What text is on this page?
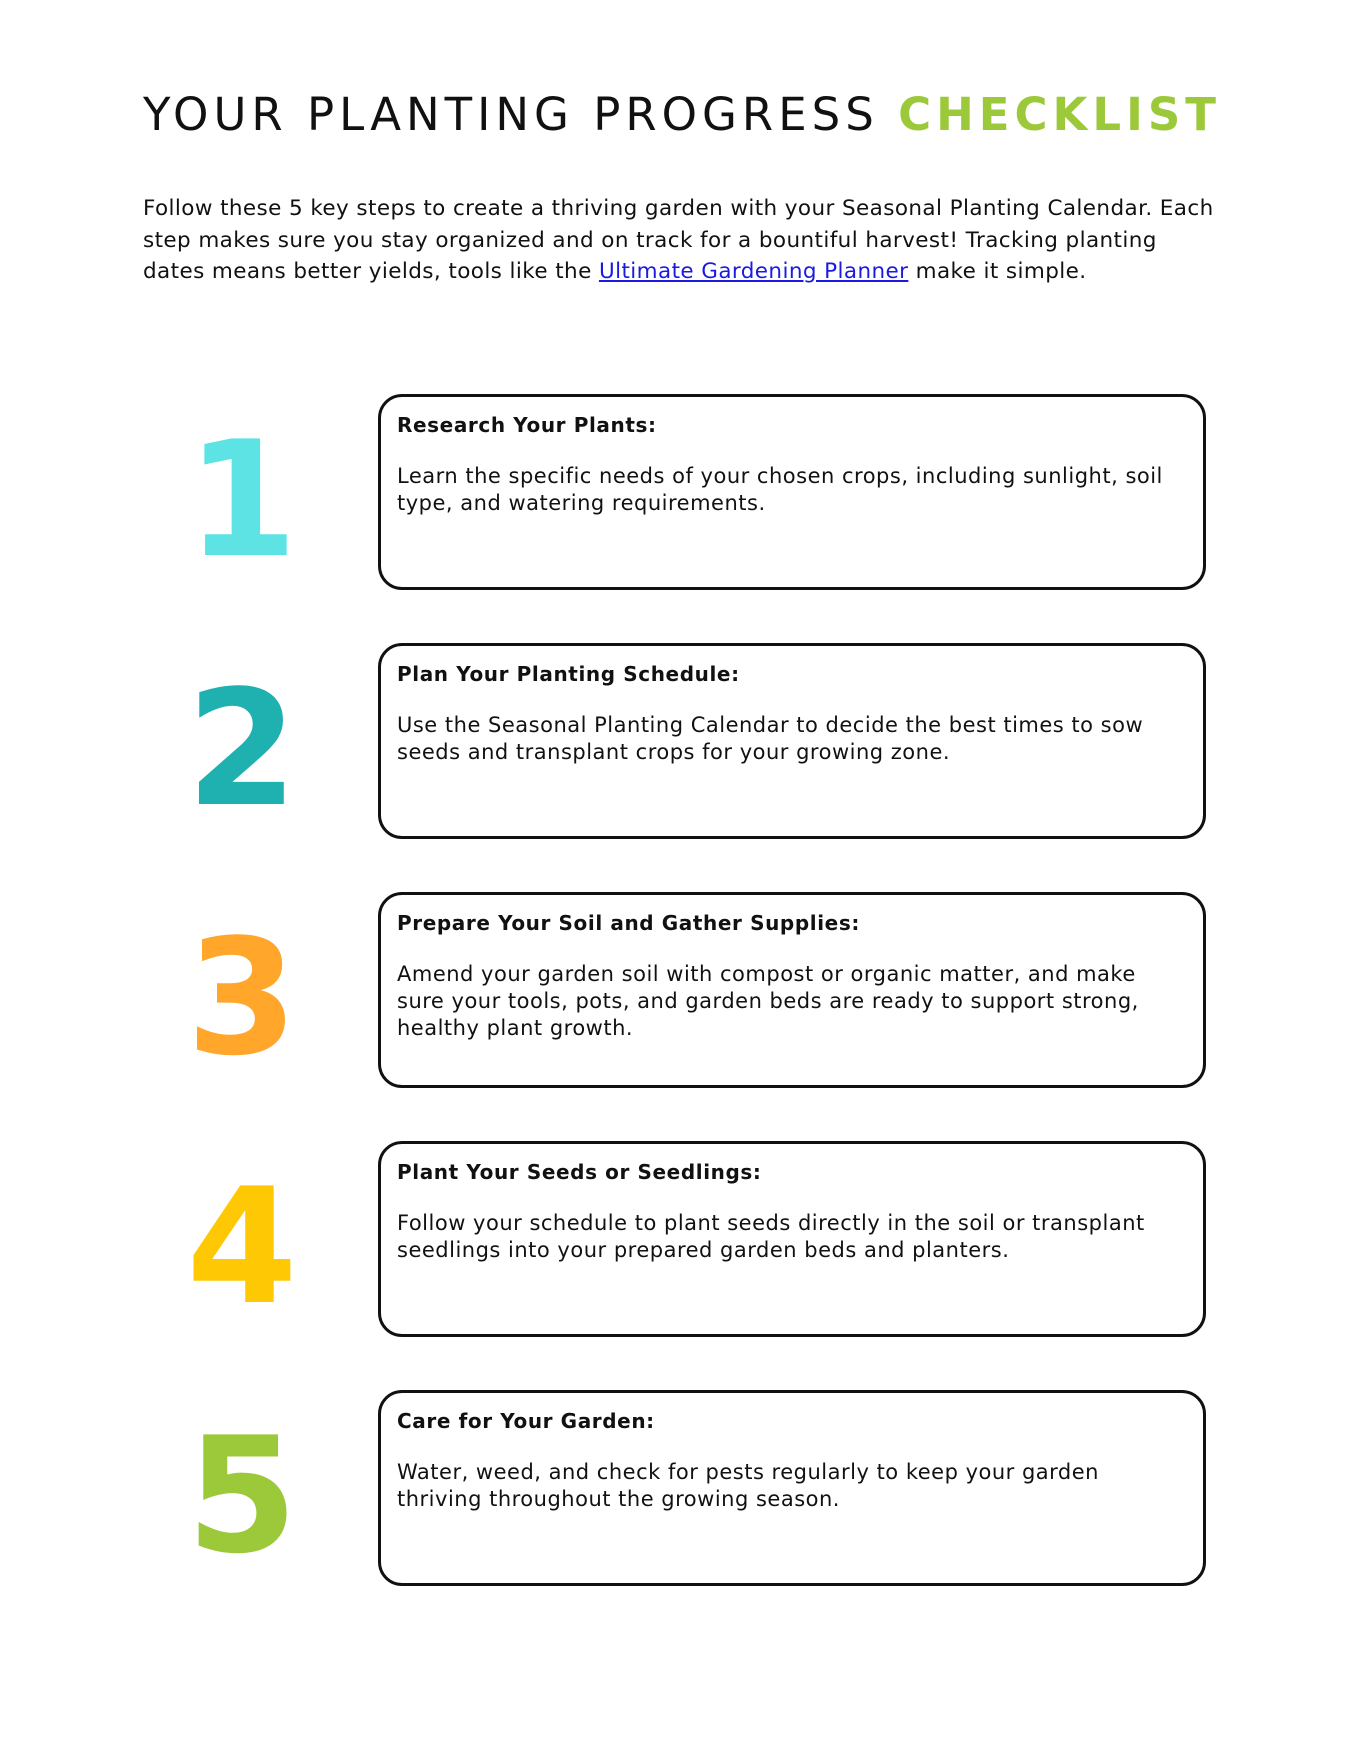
YOUR PLANTING PROGRESS CHECKLIST

Follow these 5 key steps to create a thriving garden with your Seasonal Planting Calendar. Each step makes sure you stay organized and on track for a bountiful harvest! Tracking planting dates means better yields, tools like the Ultimate Gardening Planner make it simple.

1	Research Your Plants:

Learn the specific needs of your chosen crops, including sunlight, soil type, and watering requirements.

2	Plan Your Planting Schedule:

Use the Seasonal Planting Calendar to decide the best times to sow seeds and transplant crops for your growing zone.

3	Prepare Your Soil and Gather Supplies:

Amend your garden soil with compost or organic matter, and make sure your tools, pots, and garden beds are ready to support strong, healthy plant growth.

4	Plant Your Seeds or Seedlings:

Follow your schedule to plant seeds directly in the soil or transplant seedlings into your prepared garden beds and planters.

5	Care for Your Garden:

Water, weed, and check for pests regularly to keep your garden thriving throughout the growing season.
